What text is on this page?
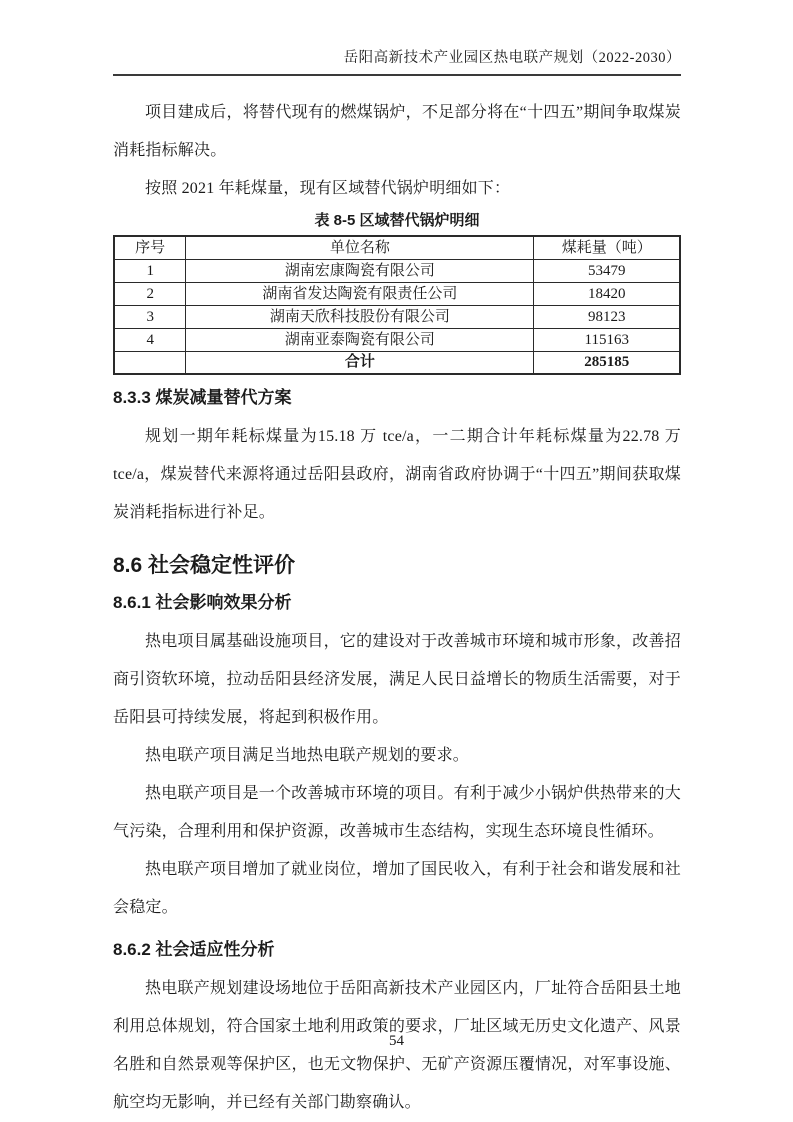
岳阳高新技术产业园区热电联产规划（2022-2030）

项目建成后，将替代现有的燃煤锅炉，不足部分将在“十四五”期间争取煤炭消耗指标解决。

按照 2021 年耗煤量，现有区域替代锅炉明细如下：

表 8-5 区域替代锅炉明细
序号	单位名称	煤耗量（吨）
1	湖南宏康陶瓷有限公司	53479
2	湖南省发达陶瓷有限责任公司	18420
3	湖南天欣科技股份有限公司	98123
4	湖南亚泰陶瓷有限公司	115163
	合计	285185
8.3.3 煤炭减量替代方案

规划一期年耗标煤量为15.18 万 tce/a，一二期合计年耗标煤量为22.78 万 tce/a，煤炭替代来源将通过岳阳县政府，湖南省政府协调于“十四五”期间获取煤炭消耗指标进行补足。

8.6 社会稳定性评价
8.6.1 社会影响效果分析

热电项目属基础设施项目，它的建设对于改善城市环境和城市形象，改善招商引资软环境，拉动岳阳县经济发展，满足人民日益增长的物质生活需要，对于岳阳县可持续发展，将起到积极作用。

热电联产项目满足当地热电联产规划的要求。

热电联产项目是一个改善城市环境的项目。有利于减少小锅炉供热带来的大气污染，合理利用和保护资源，改善城市生态结构，实现生态环境良性循环。

热电联产项目增加了就业岗位，增加了国民收入，有利于社会和谐发展和社会稳定。

8.6.2 社会适应性分析

热电联产规划建设场地位于岳阳高新技术产业园区内，厂址符合岳阳县土地利用总体规划，符合国家土地利用政策的要求，厂址区域无历史文化遗产、风景名胜和自然景观等保护区，也无文物保护、无矿产资源压覆情况，对军事设施、航空均无影响，并已经有关部门勘察确认。

54
